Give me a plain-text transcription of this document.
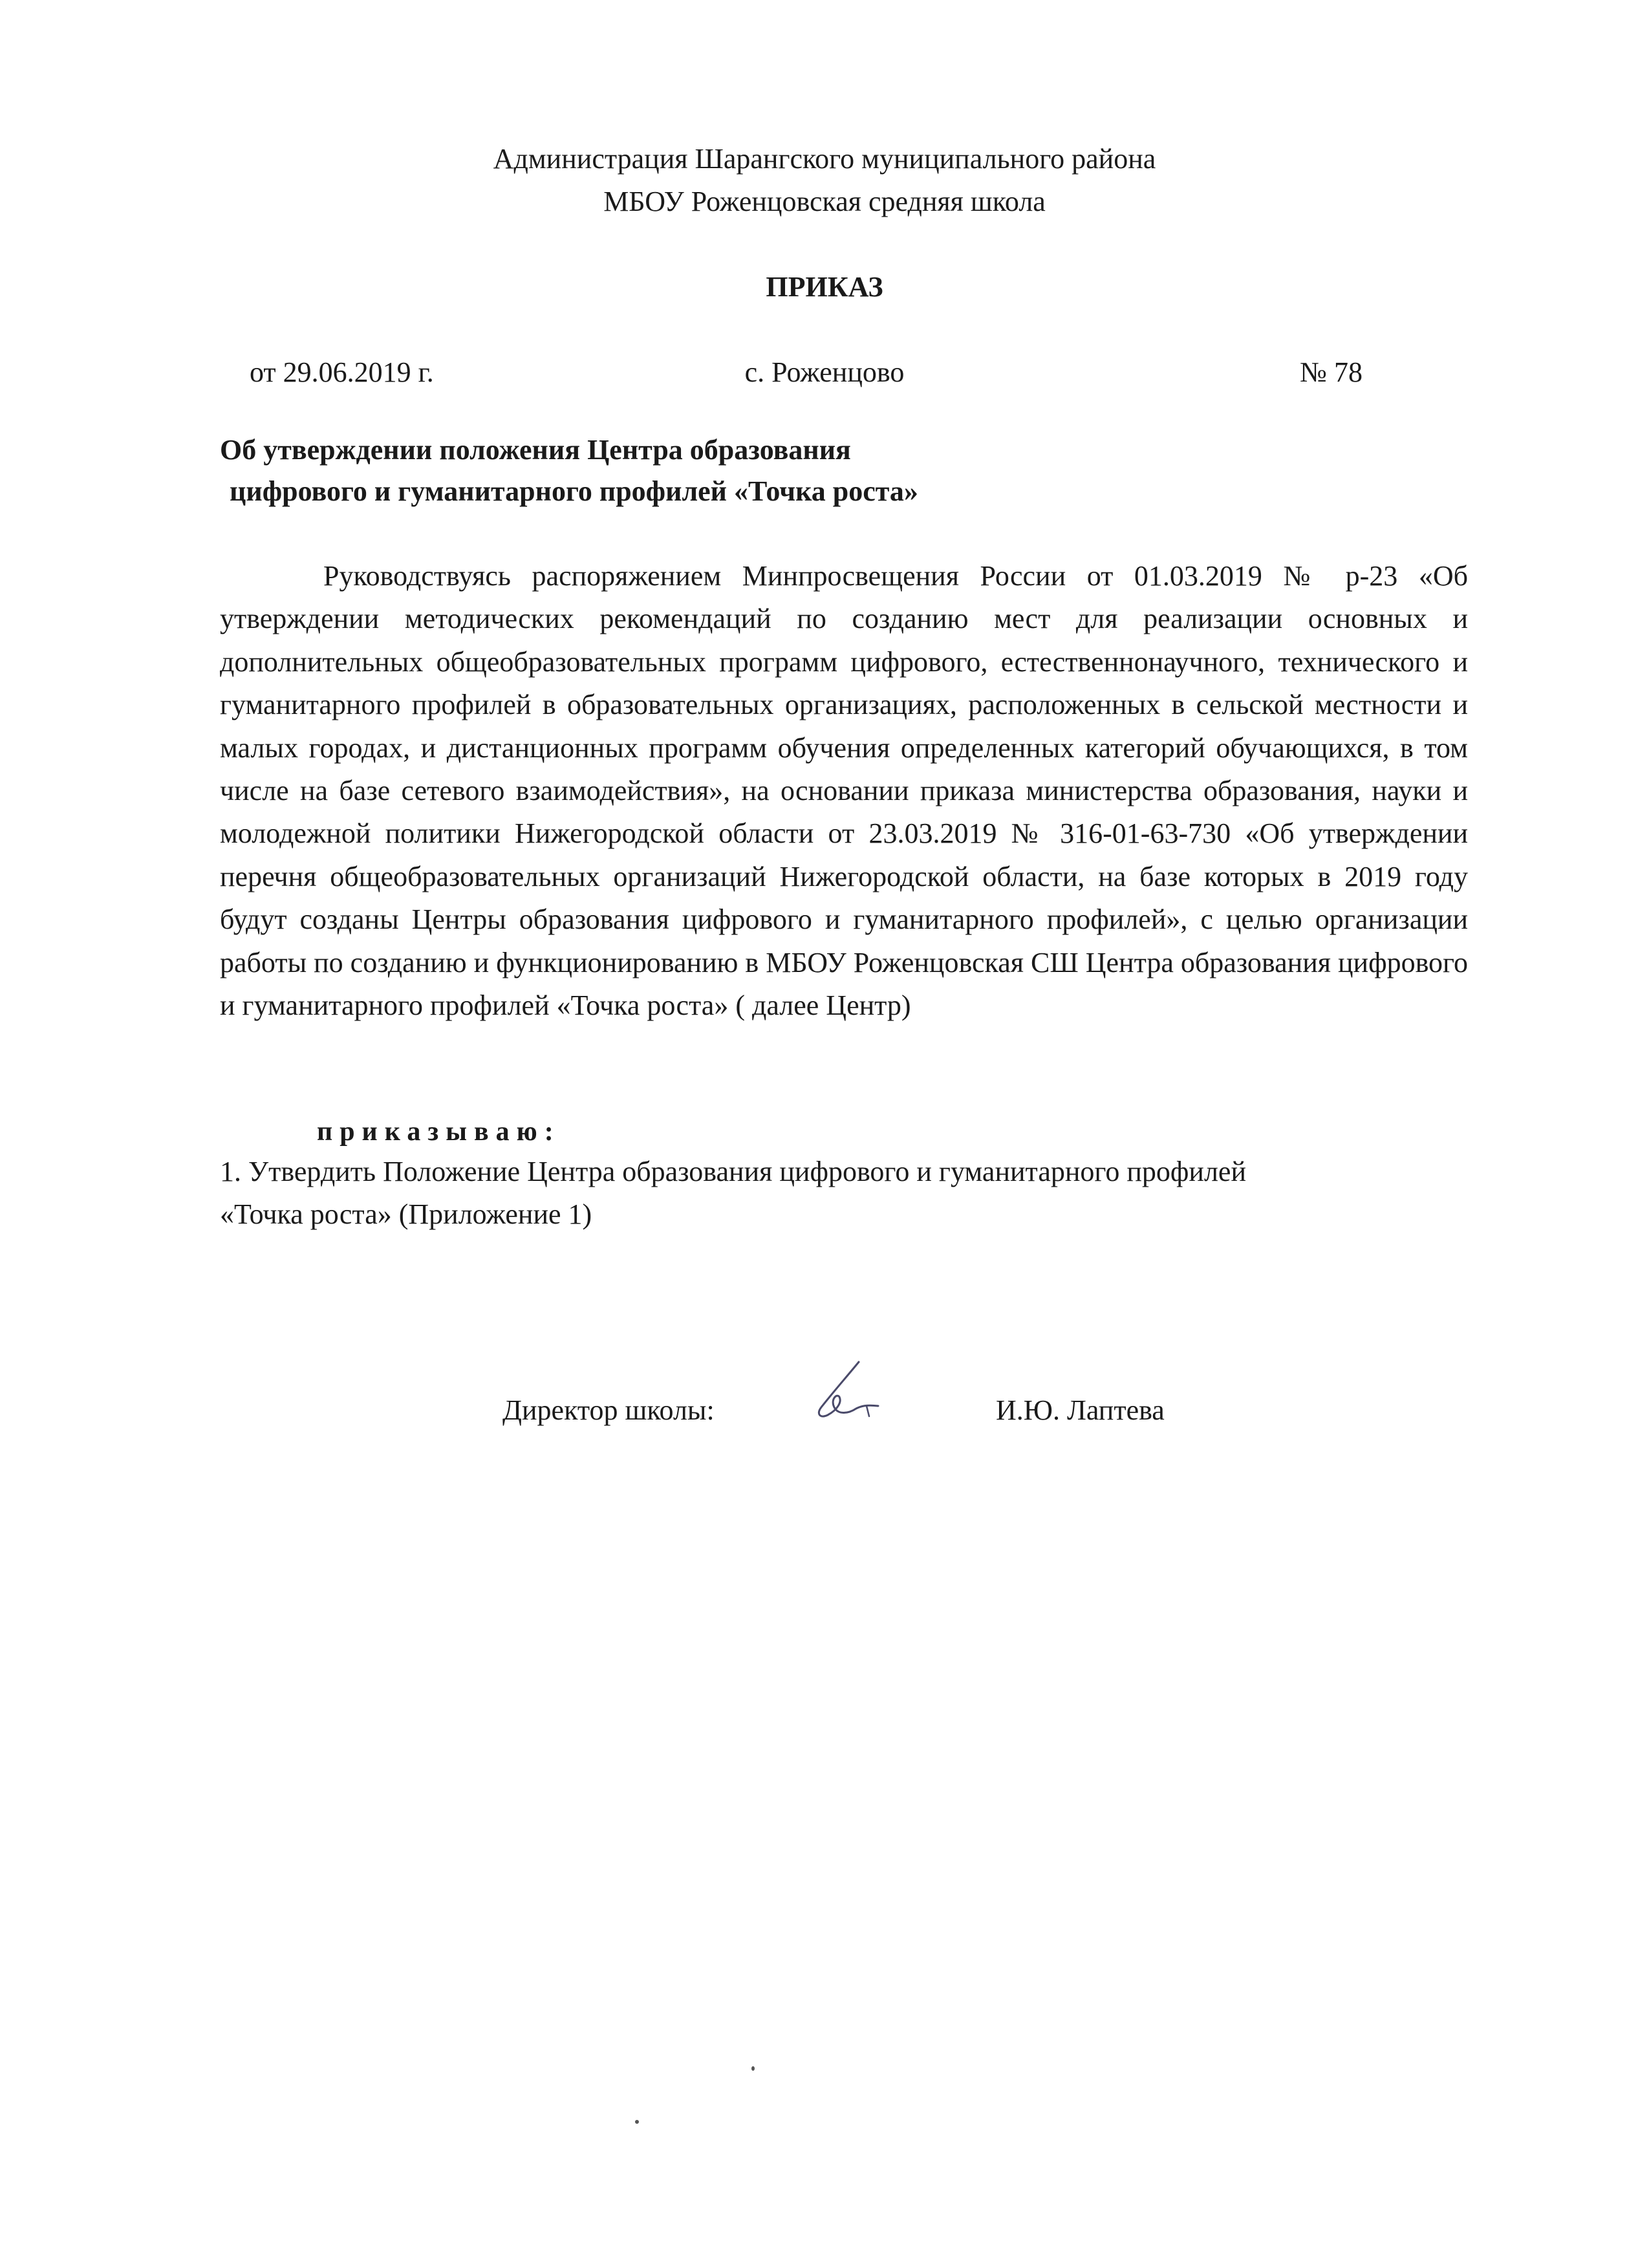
Администрация Шарангского муниципального района
МБОУ Роженцовская средняя школа
ПРИКАЗ
от 29.06.2019 г.	с. Роженцово	№ 78
Об утверждении положения Центра образования
цифрового и гуманитарного профилей «Точка роста»
Руководствуясь распоряжением Минпросвещения России от 01.03.2019 № р-23 «Об утверждении методических рекомендаций по созданию мест для реализации основных и дополнительных общеобразовательных программ цифрового, естественнонаучного, технического и гуманитарного профилей в образовательных организациях, расположенных в сельской местности и малых городах, и дистанционных программ обучения определенных категорий обучающихся, в том числе на базе сетевого взаимодействия», на основании приказа министерства образования, науки и молодежной политики Нижегородской области от 23.03.2019 № 316-01-63-730 «Об утверждении перечня общеобразовательных организаций Нижегородской области, на базе которых в 2019 году будут созданы Центры образования цифрового и гуманитарного профилей», с целью организации работы по созданию и функционированию в МБОУ Роженцовская СШ Центра образования цифрового и гуманитарного профилей «Точка роста» ( далее Центр)
приказываю:
1. Утвердить Положение Центра образования цифрового и гуманитарного профилей
«Точка роста» (Приложение 1)
Директор школы:	И.Ю. Лаптева
